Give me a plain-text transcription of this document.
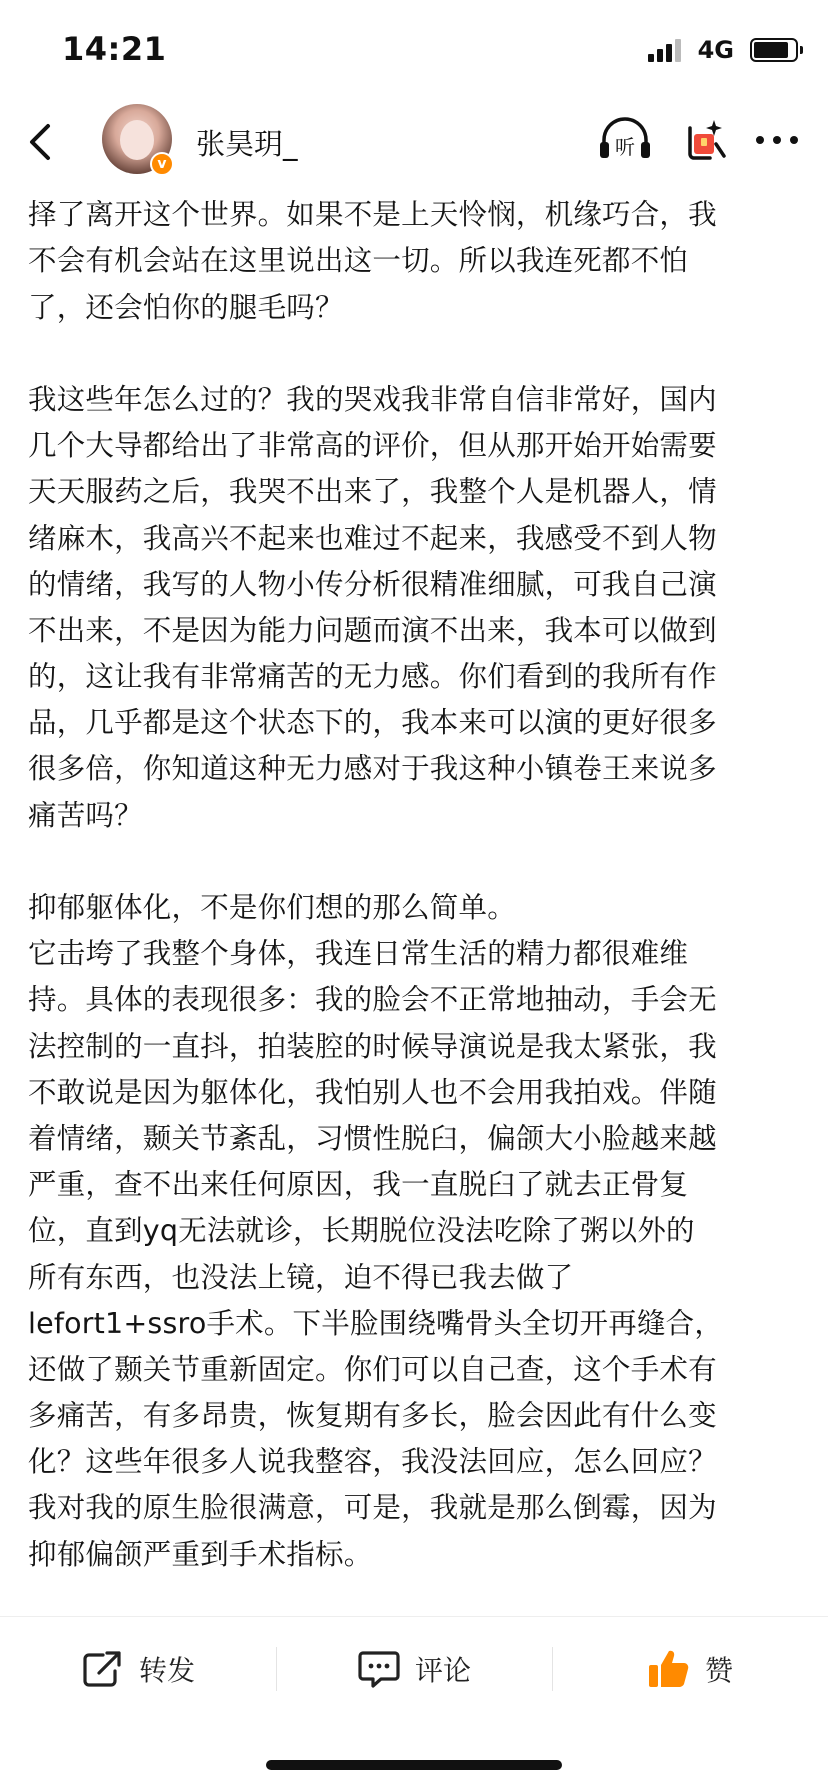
14:21	4G
v
张昊玥_	听
择了离开这个世界。如果不是上天怜悯，机缘巧合，我
不会有机会站在这里说出这一切。所以我连死都不怕
了，还会怕你的腿毛吗？
我这些年怎么过的？我的哭戏我非常自信非常好，国内
几个大导都给出了非常高的评价，但从那开始开始需要
天天服药之后，我哭不出来了，我整个人是机器人，情
绪麻木，我高兴不起来也难过不起来，我感受不到人物
的情绪，我写的人物小传分析很精准细腻，可我自己演
不出来，不是因为能力问题而演不出来，我本可以做到
的，这让我有非常痛苦的无力感。你们看到的我所有作
品，几乎都是这个状态下的，我本来可以演的更好很多
很多倍，你知道这种无力感对于我这种小镇卷王来说多
痛苦吗？
抑郁躯体化，不是你们想的那么简单。
它击垮了我整个身体，我连日常生活的精力都很难维
持。具体的表现很多：我的脸会不正常地抽动，手会无
法控制的一直抖，拍装腔的时候导演说是我太紧张，我
不敢说是因为躯体化，我怕别人也不会用我拍戏。伴随
着情绪，颞关节紊乱，习惯性脱臼，偏颌大小脸越来越
严重，查不出来任何原因，我一直脱臼了就去正骨复
位，直到yq无法就诊，长期脱位没法吃除了粥以外的
所有东西，也没法上镜，迫不得已我去做了
lefort1+ssro手术。下半脸围绕嘴骨头全切开再缝合，
还做了颞关节重新固定。你们可以自己查，这个手术有
多痛苦，有多昂贵，恢复期有多长，脸会因此有什么变
化？这些年很多人说我整容，我没法回应，怎么回应？
我对我的原生脸很满意，可是，我就是那么倒霉，因为
抑郁偏颌严重到手术指标。
转发	评论	赞
